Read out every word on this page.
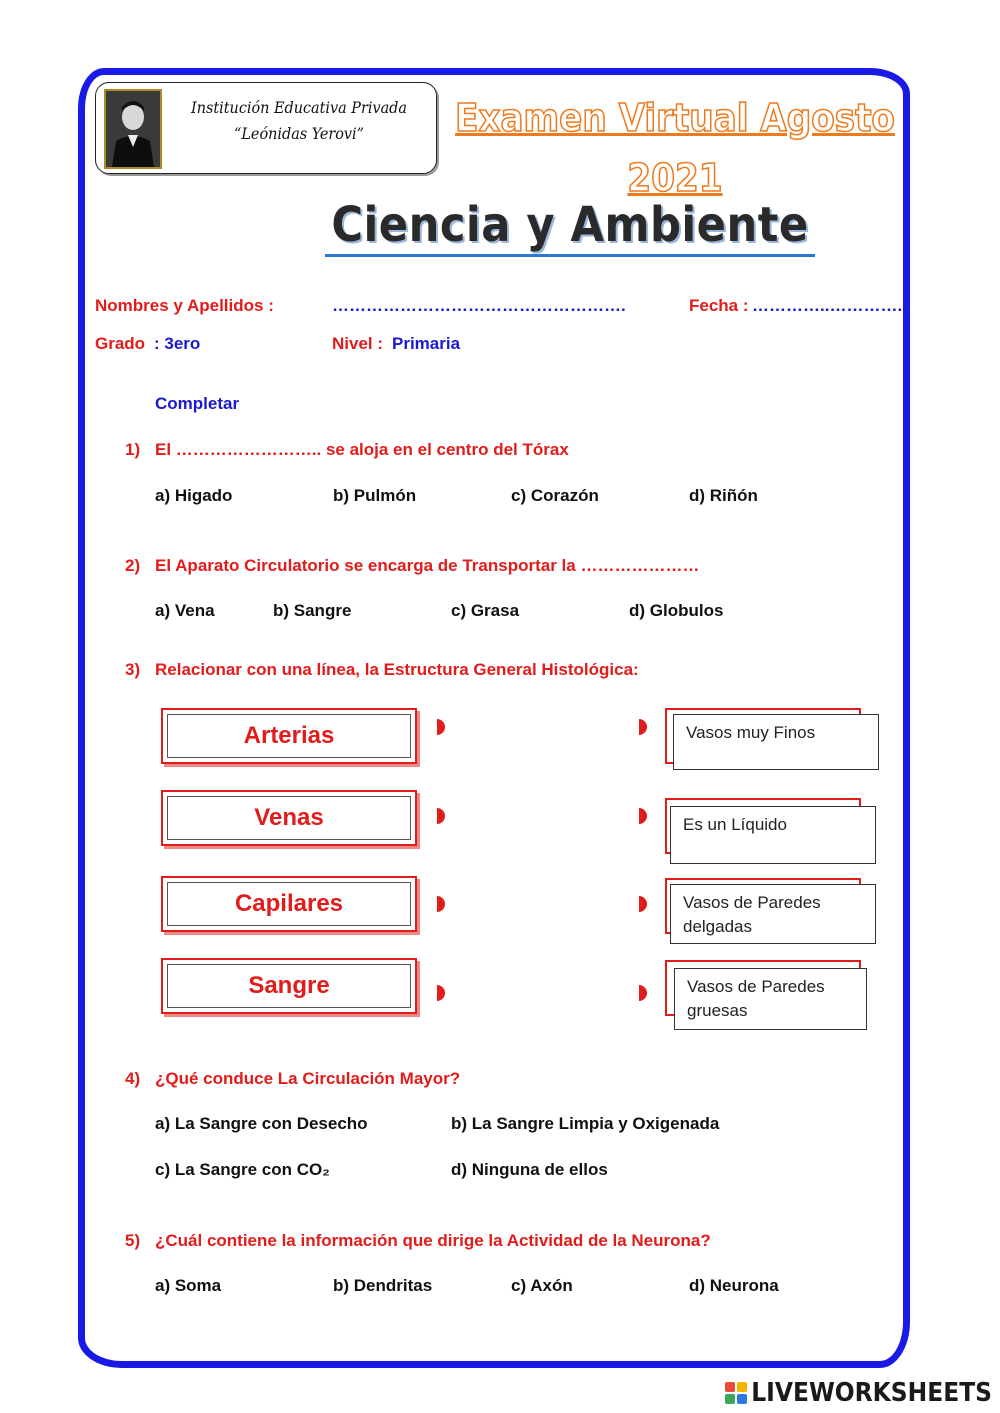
Institución Educativa Privada
“Leónidas Yerovi”	Examen Virtual Agosto 2021
Ciencia y Ambiente
Nombres y Apellidos :	…………………………………………….	Fecha : …………..…………..
Grado : 3ero	Nivel : Primaria
Completar
1) El …………………….. se aloja en el centro del Tórax
a) Higado	b) Pulmón	c) Corazón	d) Riñón
2) El Aparato Circulatorio se encarga de Transportar la …………………
a) Vena	b) Sangre	c) Grasa	d) Globulos
3) Relacionar con una línea, la Estructura General Histológica:
Arterias
Venas
Capilares
Sangre
Vasos muy Finos
Es un Líquido
Vasos de Paredes delgadas
Vasos de Paredes gruesas
4) ¿Qué conduce La Circulación Mayor?
a) La Sangre con Desecho	b) La Sangre Limpia y Oxigenada
c) La Sangre con CO₂	d) Ninguna de ellos
5) ¿Cuál contiene la información que dirige la Actividad de la Neurona?
a) Soma	b) Dendritas	c) Axón	d) Neurona
LIVEWORKSHEETS
